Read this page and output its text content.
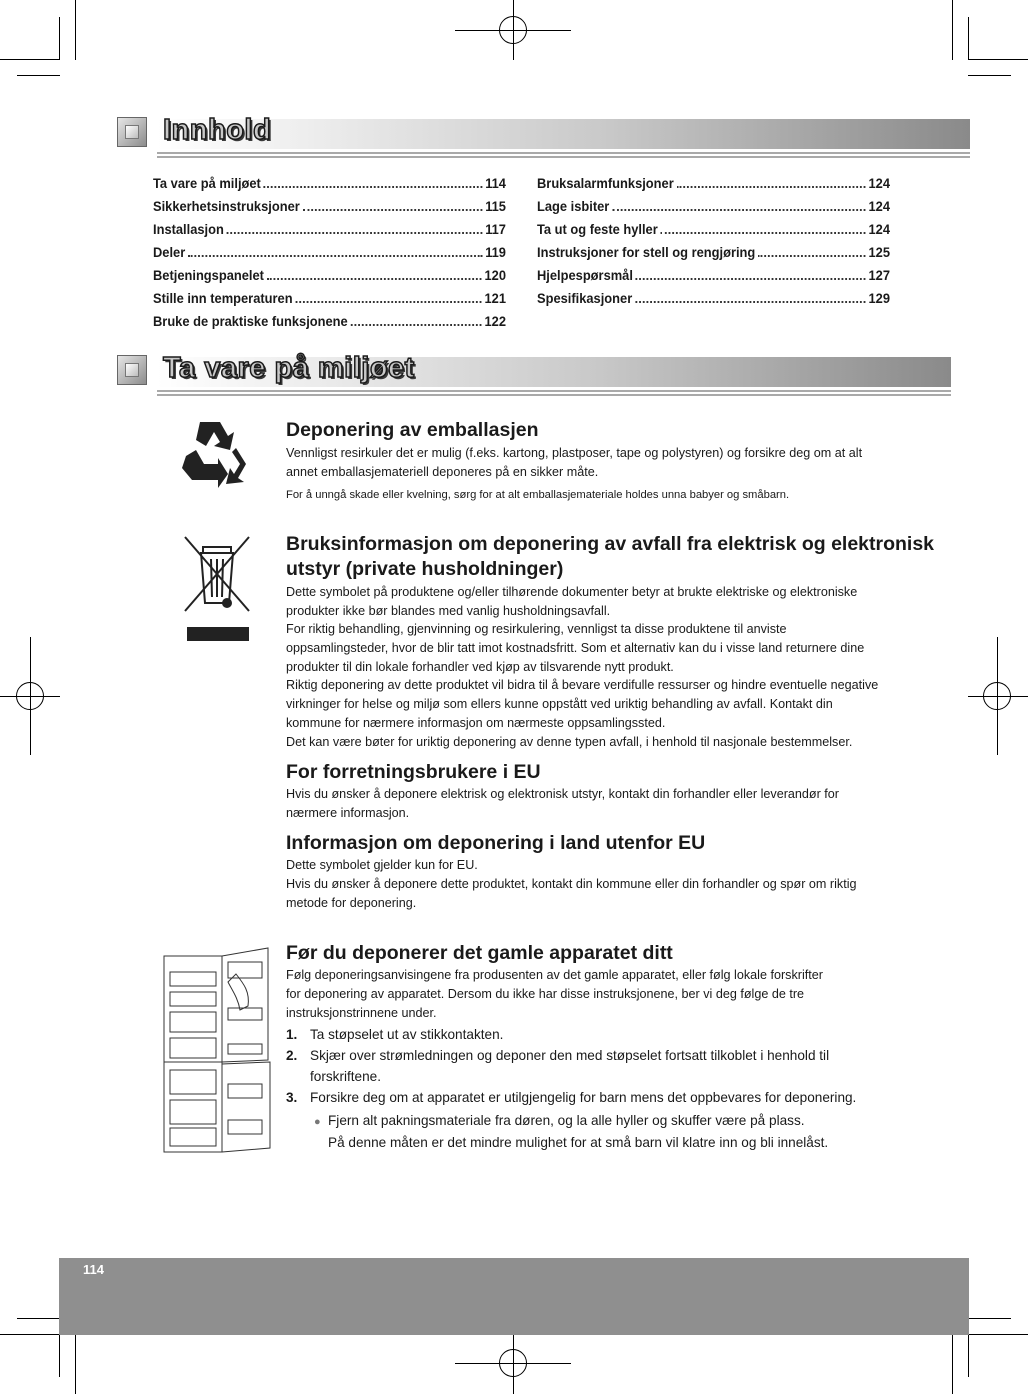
Innhold
Ta vare på miljøet	114
Sikkerhetsinstruksjoner	115
Installasjon	117
Deler	119
Betjeningspanelet	120
Stille inn temperaturen	121
Bruke de praktiske funksjonene	122
Bruksalarmfunksjoner	124
Lage isbiter	124
Ta ut og feste hyller	124
Instruksjoner for stell og rengjøring	125
Hjelpespørsmål	127
Spesifikasjoner	129
Ta vare på miljøet
Deponering av emballasjen
Vennligst resirkuler det er mulig (f.eks. kartong, plastposer, tape og polystyren) og forsikre deg om at alt annet emballasjemateriell deponeres på en sikker måte.
For å unngå skade eller kvelning, sørg for at alt emballasjemateriale holdes unna babyer og småbarn.
Bruksinformasjon om deponering av avfall fra elektrisk og elektronisk
utstyr (private husholdninger)
Dette symbolet på produktene og/eller tilhørende dokumenter betyr at brukte elektriske og elektroniske produkter ikke bør blandes med vanlig husholdningsavfall.
For riktig behandling, gjenvinning og resirkulering, vennligst ta disse produktene til anviste oppsamlingsteder, hvor de blir tatt imot kostnadsfritt. Som et alternativ kan du i visse land returnere dine produkter til din lokale forhandler ved kjøp av tilsvarende nytt produkt.
Riktig deponering av dette produktet vil bidra til å bevare verdifulle ressurser og hindre eventuelle negative virkninger for helse og miljø som ellers kunne oppstått ved uriktig behandling av avfall. Kontakt din kommune for nærmere informasjon om nærmeste oppsamlingssted.
Det kan være bøter for uriktig deponering av denne typen avfall, i henhold til nasjonale bestemmelser.
For forretningsbrukere i EU
Hvis du ønsker å deponere elektrisk og elektronisk utstyr, kontakt din forhandler eller leverandør for nærmere informasjon.
Informasjon om deponering i land utenfor EU
Dette symbolet gjelder kun for EU.
Hvis du ønsker å deponere dette produktet, kontakt din kommune eller din forhandler og spør om riktig metode for deponering.
Før du deponerer det gamle apparatet ditt
Følg deponeringsanvisingene fra produsenten av det gamle apparatet, eller følg lokale forskrifter for deponering av apparatet. Dersom du ikke har disse instruksjonene, ber vi deg følge de tre instruksjonstrinnene under.
1. Ta støpselet ut av stikkontakten.
2. Skjær over strømledningen og deponer den med støpselet fortsatt tilkoblet i henhold til forskriftene.
3. Forsikre deg om at apparatet er utilgjengelig for barn mens det oppbevares for deponering.
● Fjern alt pakningsmateriale fra døren, og la alle hyller og skuffer være på plass.
På denne måten er det mindre mulighet for at små barn vil klatre inn og bli innelåst.
114
